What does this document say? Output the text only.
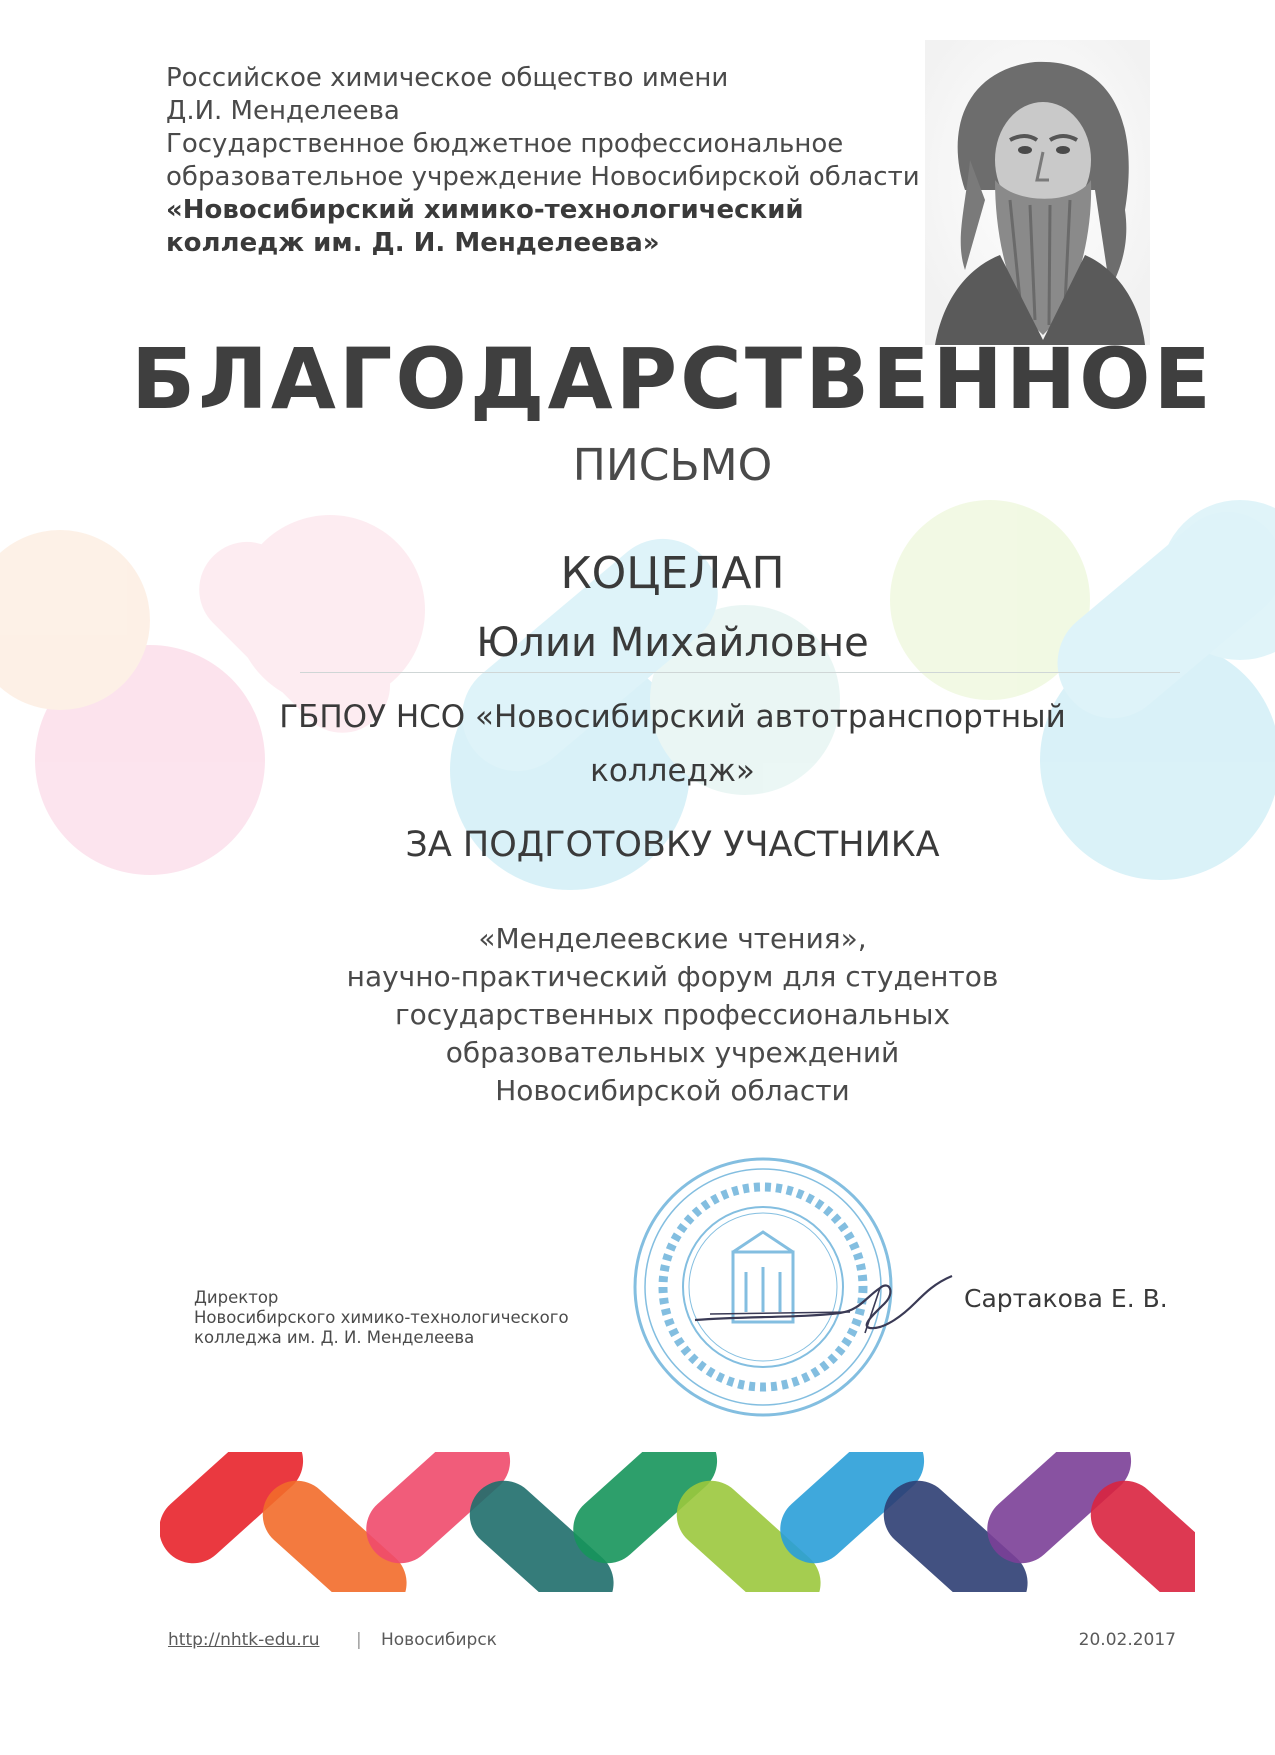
Российское химическое общество имени
Д.И. Менделеева
Государственное бюджетное профессиональное
образовательное учреждение Новосибирской области
«Новосибирский химико-технологический
колледж им. Д. И. Менделеева»
БЛАГОДАРСТВЕННОЕ
ПИСЬМО
КОЦЕЛАП
Юлии Михайловне
ГБПОУ НСО «Новосибирский автотранспортный
колледж»
ЗА ПОДГОТОВКУ УЧАСТНИКА
«Менделеевские чтения»,
научно-практический форум для студентов
государственных профессиональных
образовательных учреждений
Новосибирской области
Директор
Новосибирского химико-технологического
колледжа им. Д. И. Менделеева
Сартакова Е. В.
http://nhtk-edu.ru | Новосибирск	20.02.2017
